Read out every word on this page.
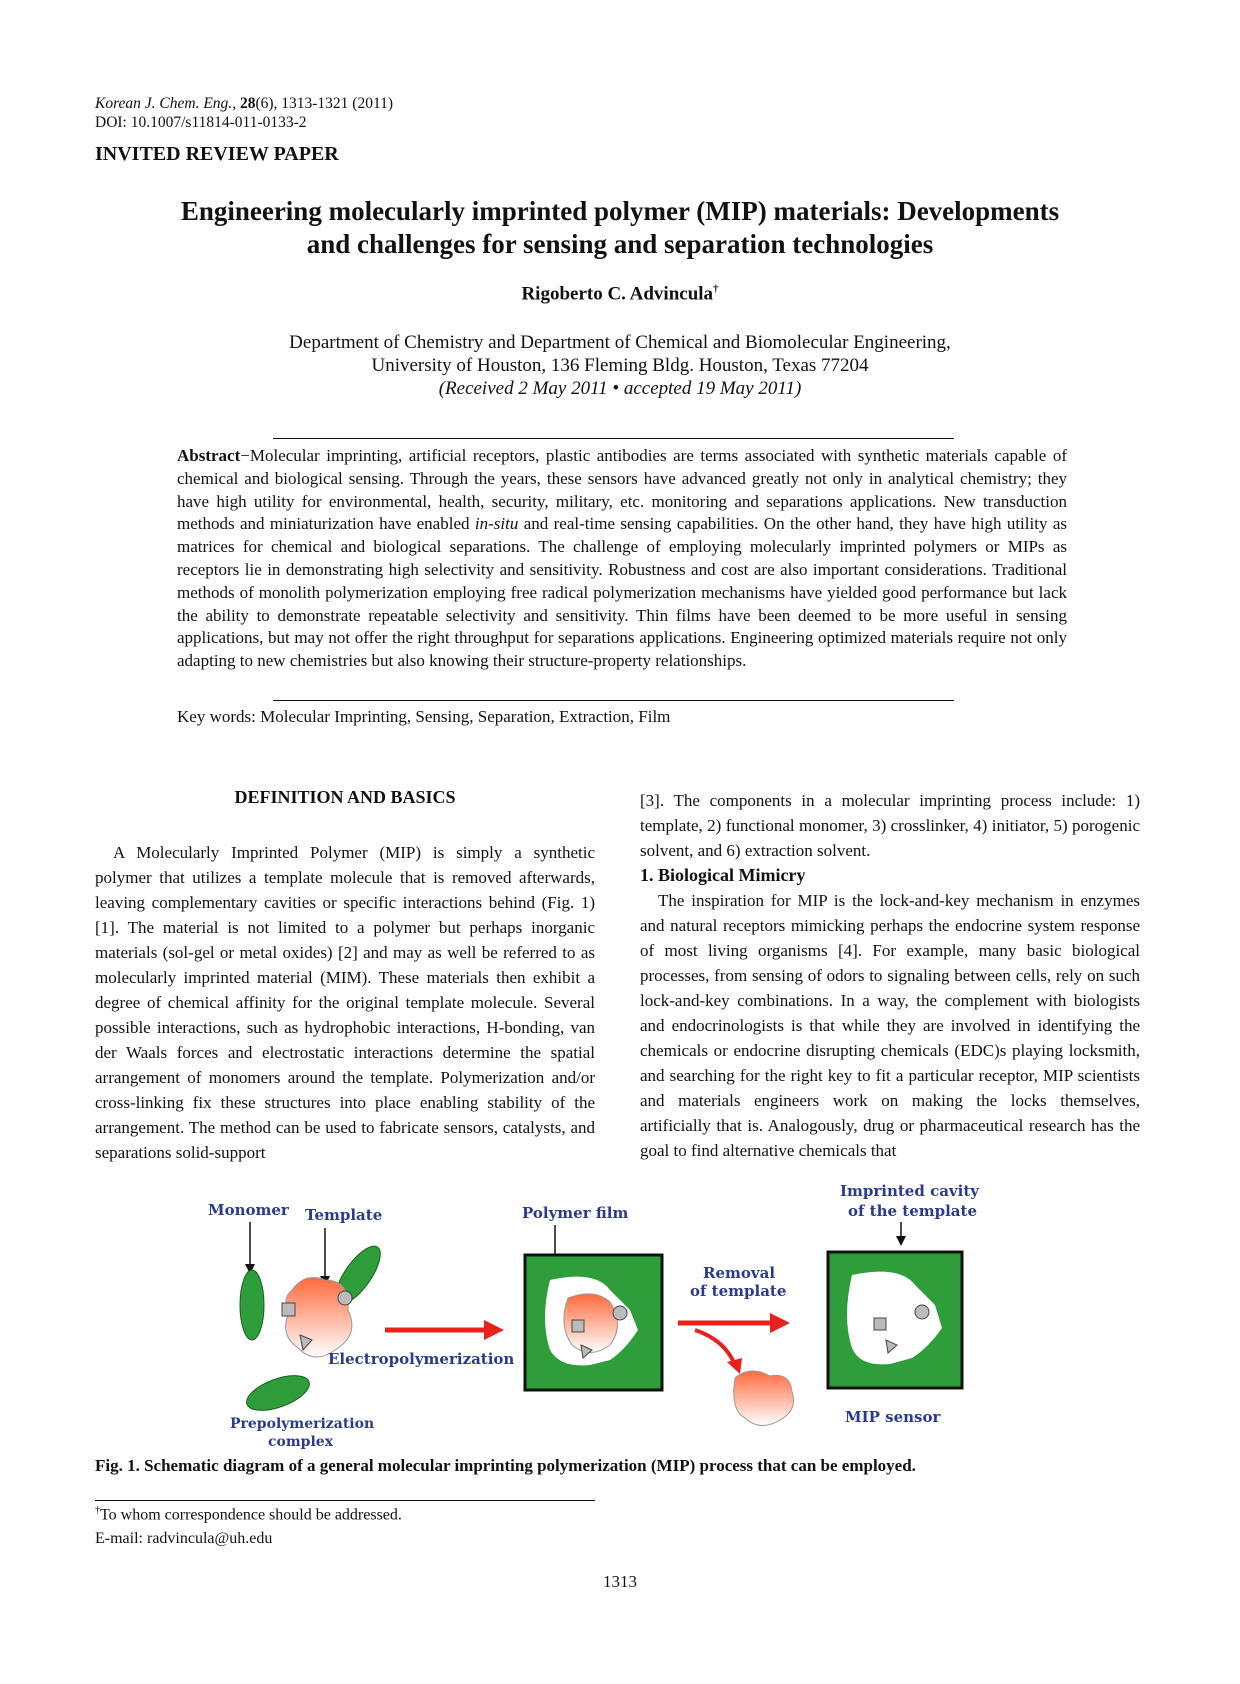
Korean J. Chem. Eng., 28(6), 1313-1321 (2011)
DOI: 10.1007/s11814-011-0133-2
INVITED REVIEW PAPER
Engineering molecularly imprinted polymer (MIP) materials: Developments
and challenges for sensing and separation technologies
Rigoberto C. Advincula†
Department of Chemistry and Department of Chemical and Biomolecular Engineering,
University of Houston, 136 Fleming Bldg. Houston, Texas 77204
(Received 2 May 2011 • accepted 19 May 2011)
Abstract−Molecular imprinting, artificial receptors, plastic antibodies are terms associated with synthetic materials capable of chemical and biological sensing. Through the years, these sensors have advanced greatly not only in analytical chemistry; they have high utility for environmental, health, security, military, etc. monitoring and separations applications. New transduction methods and miniaturization have enabled in-situ and real-time sensing capabilities. On the other hand, they have high utility as matrices for chemical and biological separations. The challenge of employing molecularly imprinted polymers or MIPs as receptors lie in demonstrating high selectivity and sensitivity. Robustness and cost are also important considerations. Traditional methods of monolith polymerization employing free radical polymerization mechanisms have yielded good performance but lack the ability to demonstrate repeatable selectivity and sensitivity. Thin films have been deemed to be more useful in sensing applications, but may not offer the right throughput for separations applications. Engineering optimized materials require not only adapting to new chemistries but also knowing their structure-property relationships.
Key words: Molecular Imprinting, Sensing, Separation, Extraction, Film
DEFINITION AND BASICS
A Molecularly Imprinted Polymer (MIP) is simply a synthetic polymer that utilizes a template molecule that is removed afterwards, leaving complementary cavities or specific interactions behind (Fig. 1) [1]. The material is not limited to a polymer but perhaps inorganic materials (sol-gel or metal oxides) [2] and may as well be referred to as molecularly imprinted material (MIM). These materials then exhibit a degree of chemical affinity for the original template molecule. Several possible interactions, such as hydrophobic interactions, H-bonding, van der Waals forces and electrostatic interactions determine the spatial arrangement of monomers around the template. Polymerization and/or cross-linking fix these structures into place enabling stability of the arrangement. The method can be used to fabricate sensors, catalysts, and separations solid-support
[3]. The components in a molecular imprinting process include: 1) template, 2) functional monomer, 3) crosslinker, 4) initiator, 5) porogenic solvent, and 6) extraction solvent.
1. Biological Mimicry
The inspiration for MIP is the lock-and-key mechanism in enzymes and natural receptors mimicking perhaps the endocrine system response of most living organisms [4]. For example, many basic biological processes, from sensing of odors to signaling between cells, rely on such lock-and-key combinations. In a way, the complement with biologists and endocrinologists is that while they are involved in identifying the chemicals or endocrine disrupting chemicals (EDC)s playing locksmith, and searching for the right key to fit a particular receptor, MIP scientists and materials engineers work on making the locks themselves, artificially that is. Analogously, drug or pharmaceutical research has the goal to find alternative chemicals that
Monomer Template
Prepolymerization complex
Electropolymerization
Polymer film
Removal of template
Imprinted cavity of the template
MIP sensor
Fig. 1. Schematic diagram of a general molecular imprinting polymerization (MIP) process that can be employed.
†To whom correspondence should be addressed.
E-mail: radvincula@uh.edu
1313
